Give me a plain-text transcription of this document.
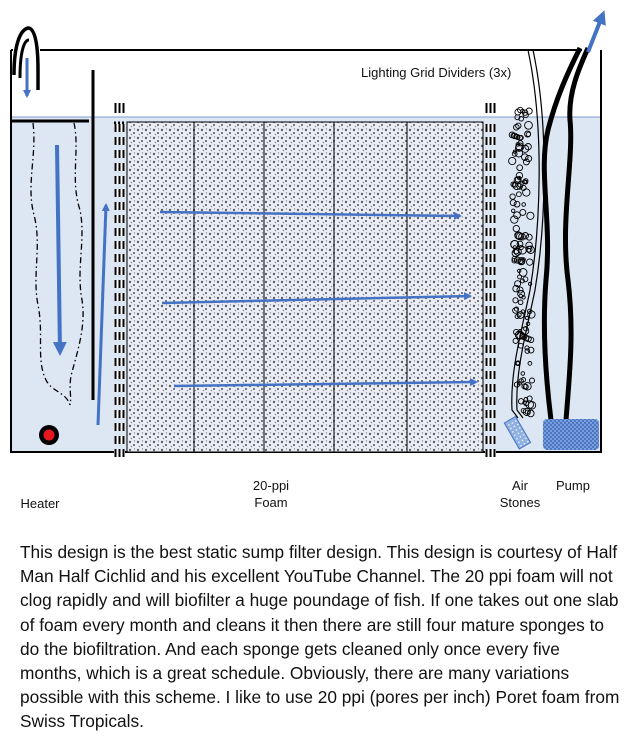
Lighting Grid Dividers (3x)
Heater
20-ppi
Foam
Air
Stones
Pump

This design is the best static sump filter design. This design is courtesy of Half Man Half Cichlid and his excellent YouTube Channel. The 20 ppi foam will not clog rapidly and will biofilter a huge poundage of fish. If one takes out one slab of foam every month and cleans it then there are still four mature sponges to do the biofiltration. And each sponge gets cleaned only once every five months, which is a great schedule. Obviously, there are many variations possible with this scheme. I like to use 20 ppi (pores per inch) Poret foam from Swiss Tropicals.
